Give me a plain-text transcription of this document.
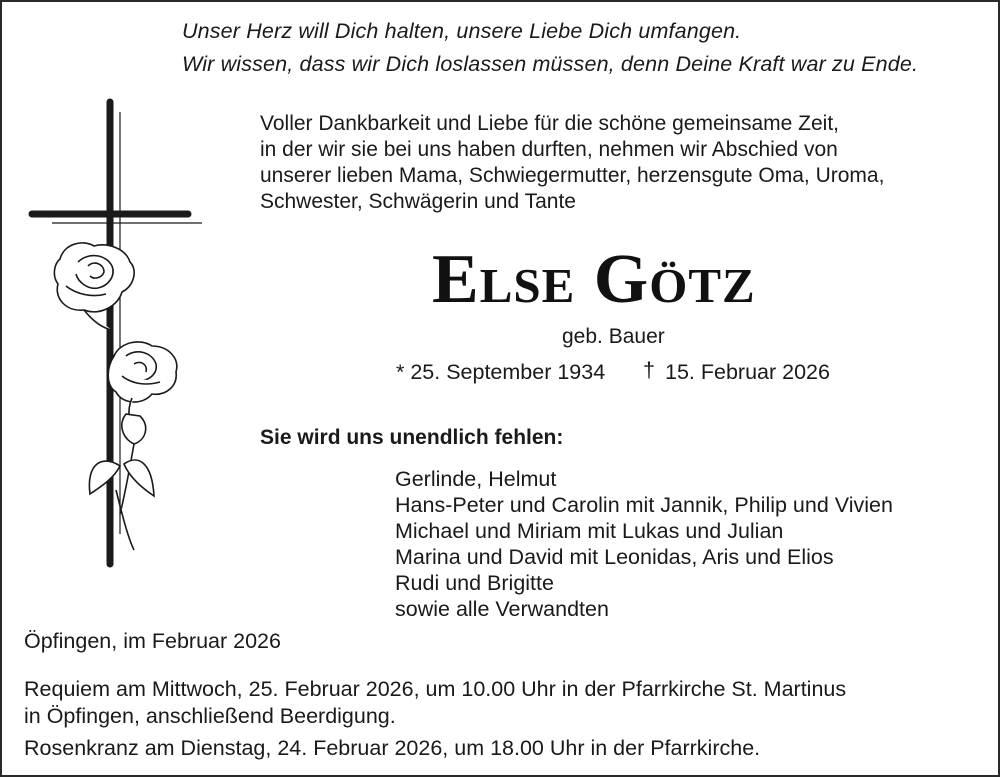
Unser Herz will Dich halten, unsere Liebe Dich umfangen.
Wir wissen, dass wir Dich loslassen müssen, denn Deine Kraft war zu Ende.
Voller Dankbarkeit und Liebe für die schöne gemeinsame Zeit,
in der wir sie bei uns haben durften, nehmen wir Abschied von
unserer lieben Mama, Schwiegermutter, herzensgute Oma, Uroma,
Schwester, Schwägerin und Tante
Else Götz
geb. Bauer
* 25. September 1934 † 15. Februar 2026
Sie wird uns unendlich fehlen:
Gerlinde, Helmut
Hans-Peter und Carolin mit Jannik, Philip und Vivien
Michael und Miriam mit Lukas und Julian
Marina und David mit Leonidas, Aris und Elios
Rudi und Brigitte
sowie alle Verwandten
Öpfingen, im Februar 2026
Requiem am Mittwoch, 25. Februar 2026, um 10.00 Uhr in der Pfarrkirche St. Martinus
in Öpfingen, anschließend Beerdigung.
Rosenkranz am Dienstag, 24. Februar 2026, um 18.00 Uhr in der Pfarrkirche.
